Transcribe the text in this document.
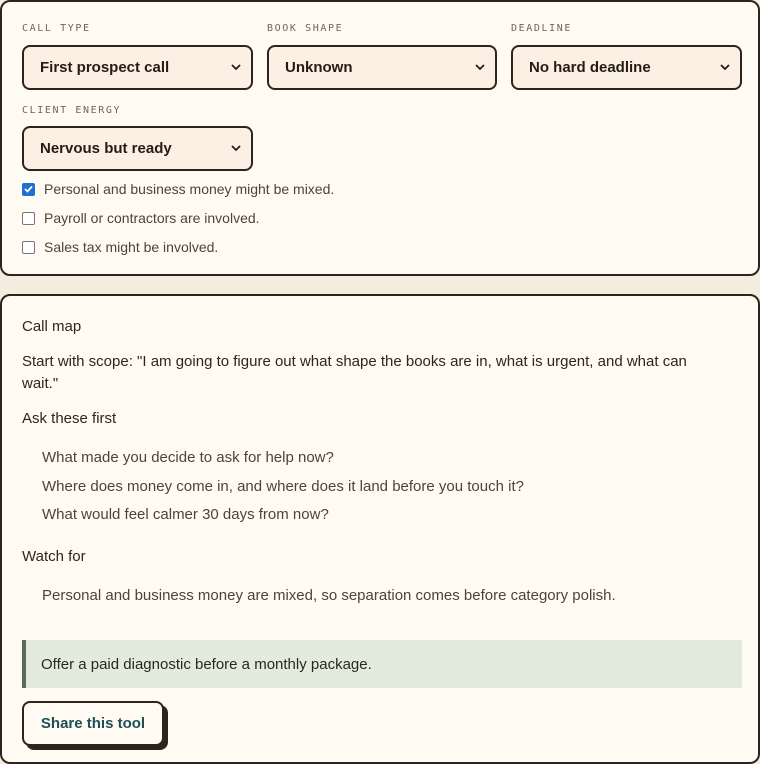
CALL TYPE
First prospect call
BOOK SHAPE
Unknown
DEADLINE
No hard deadline
CLIENT ENERGY
Nervous but ready
Personal and business money might be mixed.
Payroll or contractors are involved.
Sales tax might be involved.
Call map
Start with scope: "I am going to figure out what shape the books are in, what is urgent, and what can
wait."
Ask these first
What made you decide to ask for help now?
Where does money come in, and where does it land before you touch it?
What would feel calmer 30 days from now?
Watch for
Personal and business money are mixed, so separation comes before category polish.
Offer a paid diagnostic before a monthly package.
Share this tool
